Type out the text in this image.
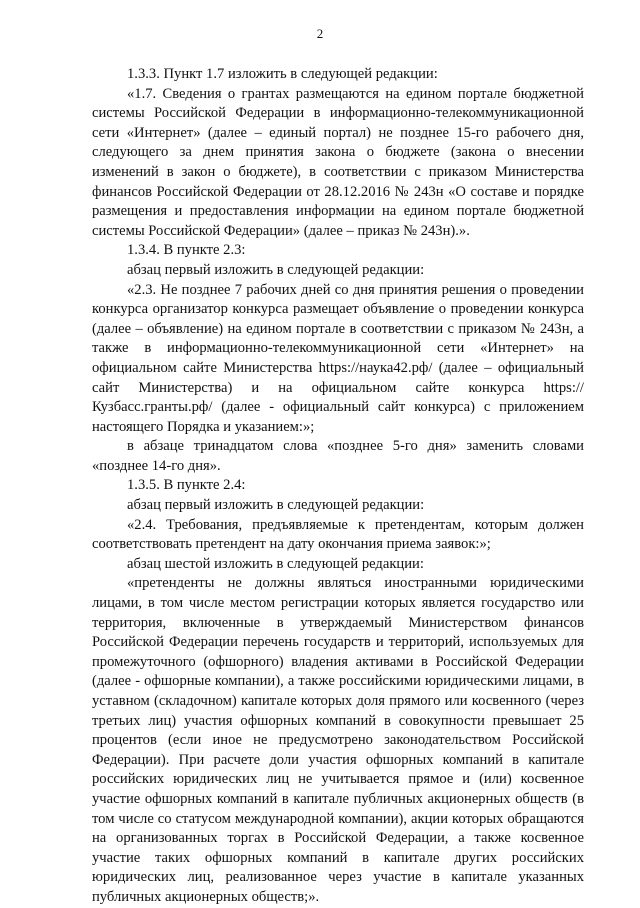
2

1.3.3. Пункт 1.7 изложить в следующей редакции:

«1.7. Сведения о грантах размещаются на едином портале бюджетной системы Российской Федерации в информационно-телекоммуникационной сети «Интернет» (далее – единый портал) не позднее 15-го рабочего дня, следующего за днем принятия закона о бюджете (закона о внесении изменений в закон о бюджете), в соответствии с приказом Министерства финансов Российской Федерации от 28.12.2016 № 243н «О составе и порядке размещения и предоставления информации на едином портале бюджетной системы Российской Федерации» (далее – приказ № 243н).».

1.3.4. В пункте 2.3:

абзац первый изложить в следующей редакции:

«2.3. Не позднее 7 рабочих дней со дня принятия решения о проведении конкурса организатор конкурса размещает объявление о проведении конкурса (далее – объявление) на едином портале в соответствии с приказом № 243н, а также в информационно-телекоммуникационной сети «Интернет» на официальном сайте Министерства https://наука42.рф/ (далее – официальный сайт Министерства) и на официальном сайте конкурса https://Кузбасс.гранты.рф/ (далее - официальный сайт конкурса) с приложением настоящего Порядка и указанием:»;

в абзаце тринадцатом слова «позднее 5-го дня» заменить словами «позднее 14-го дня».

1.3.5. В пункте 2.4:

абзац первый изложить в следующей редакции:

«2.4. Требования, предъявляемые к претендентам, которым должен соответствовать претендент на дату окончания приема заявок:»;

абзац шестой изложить в следующей редакции:

«претенденты не должны являться иностранными юридическими лицами, в том числе местом регистрации которых является государство или территория, включенные в утверждаемый Министерством финансов Российской Федерации перечень государств и территорий, используемых для промежуточного (офшорного) владения активами в Российской Федерации (далее - офшорные компании), а также российскими юридическими лицами, в уставном (складочном) капитале которых доля прямого или косвенного (через третьих лиц) участия офшорных компаний в совокупности превышает 25 процентов (если иное не предусмотрено законодательством Российской Федерации). При расчете доли участия офшорных компаний в капитале российских юридических лиц не учитывается прямое и (или) косвенное участие офшорных компаний в капитале публичных акционерных обществ (в том числе со статусом международной компании), акции которых обращаются на организованных торгах в Российской Федерации, а также косвенное участие таких офшорных компаний в капитале других российских юридических лиц, реализованное через участие в капитале указанных публичных акционерных обществ;».
